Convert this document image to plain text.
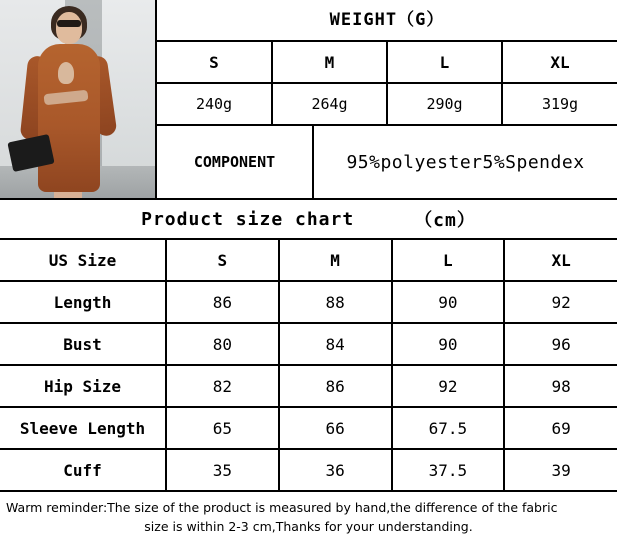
WEIGHT（G）
S	M	L	XL
240g	264g	290g	319g
COMPONENT	95%polyester5%Spendex
Product size chart	（cm）
US Size	S	M	L	XL
Length	86	88	90	92
Bust	80	84	90	96
Hip Size	82	86	92	98
Sleeve Length	65	66	67.5	69
Cuff	35	36	37.5	39
Warm reminder:The size of the product is measured by hand,the difference of the fabric
size is within 2-3 cm,Thanks for your understanding.
